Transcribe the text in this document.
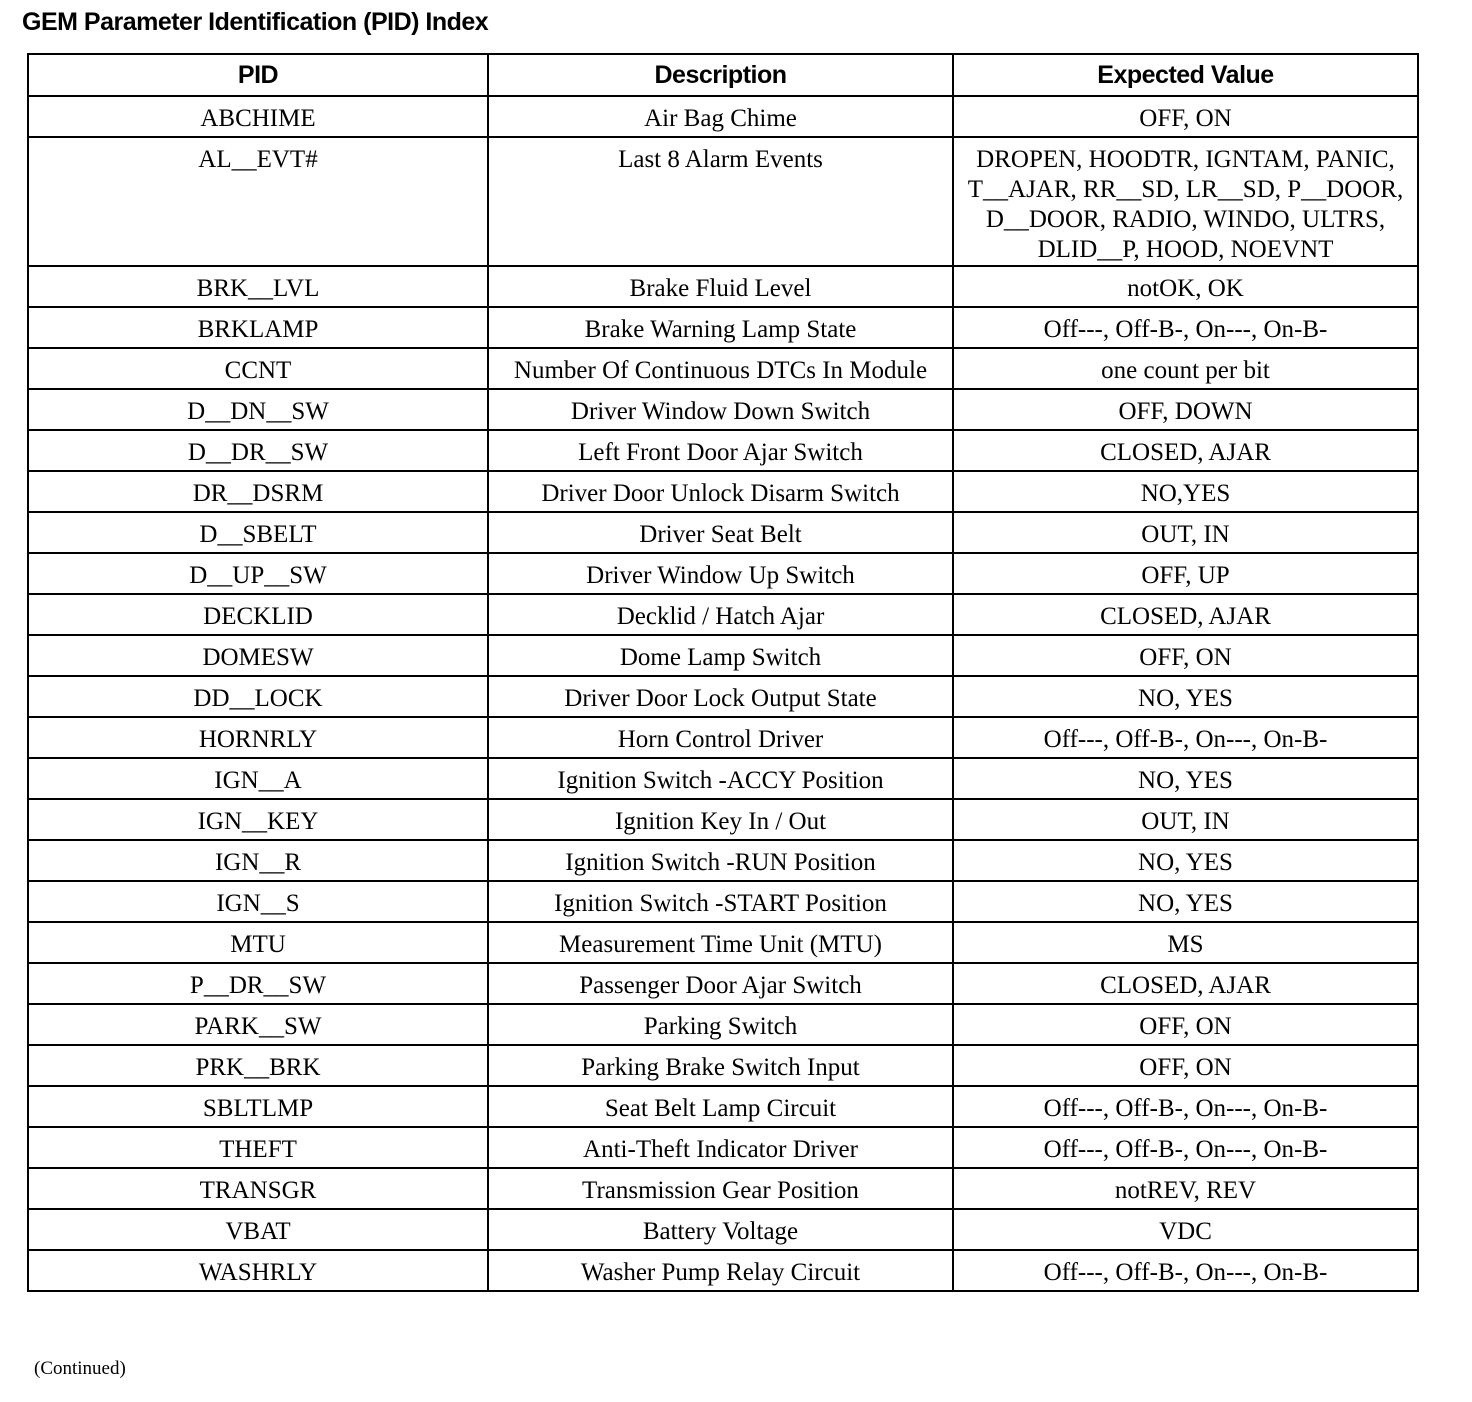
GEM Parameter Identification (PID) Index
PID	Description	Expected Value
ABCHIME	Air Bag Chime	OFF, ON
AL__EVT#	Last 8 Alarm Events	DROPEN, HOODTR, IGNTAM, PANIC, T__AJAR, RR__SD, LR__SD, P__DOOR, D__DOOR, RADIO, WINDO, ULTRS, DLID__P, HOOD, NOEVNT
BRK__LVL	Brake Fluid Level	notOK, OK
BRKLAMP	Brake Warning Lamp State	Off---, Off-B-, On---, On-B-
CCNT	Number Of Continuous DTCs In Module	one count per bit
D__DN__SW	Driver Window Down Switch	OFF, DOWN
D__DR__SW	Left Front Door Ajar Switch	CLOSED, AJAR
DR__DSRM	Driver Door Unlock Disarm Switch	NO,YES
D__SBELT	Driver Seat Belt	OUT, IN
D__UP__SW	Driver Window Up Switch	OFF, UP
DECKLID	Decklid / Hatch Ajar	CLOSED, AJAR
DOMESW	Dome Lamp Switch	OFF, ON
DD__LOCK	Driver Door Lock Output State	NO, YES
HORNRLY	Horn Control Driver	Off---, Off-B-, On---, On-B-
IGN__A	Ignition Switch -ACCY Position	NO, YES
IGN__KEY	Ignition Key In / Out	OUT, IN
IGN__R	Ignition Switch -RUN Position	NO, YES
IGN__S	Ignition Switch -START Position	NO, YES
MTU	Measurement Time Unit (MTU)	MS
P__DR__SW	Passenger Door Ajar Switch	CLOSED, AJAR
PARK__SW	Parking Switch	OFF, ON
PRK__BRK	Parking Brake Switch Input	OFF, ON
SBLTLMP	Seat Belt Lamp Circuit	Off---, Off-B-, On---, On-B-
THEFT	Anti-Theft Indicator Driver	Off---, Off-B-, On---, On-B-
TRANSGR	Transmission Gear Position	notREV, REV
VBAT	Battery Voltage	VDC
WASHRLY	Washer Pump Relay Circuit	Off---, Off-B-, On---, On-B-
(Continued)
